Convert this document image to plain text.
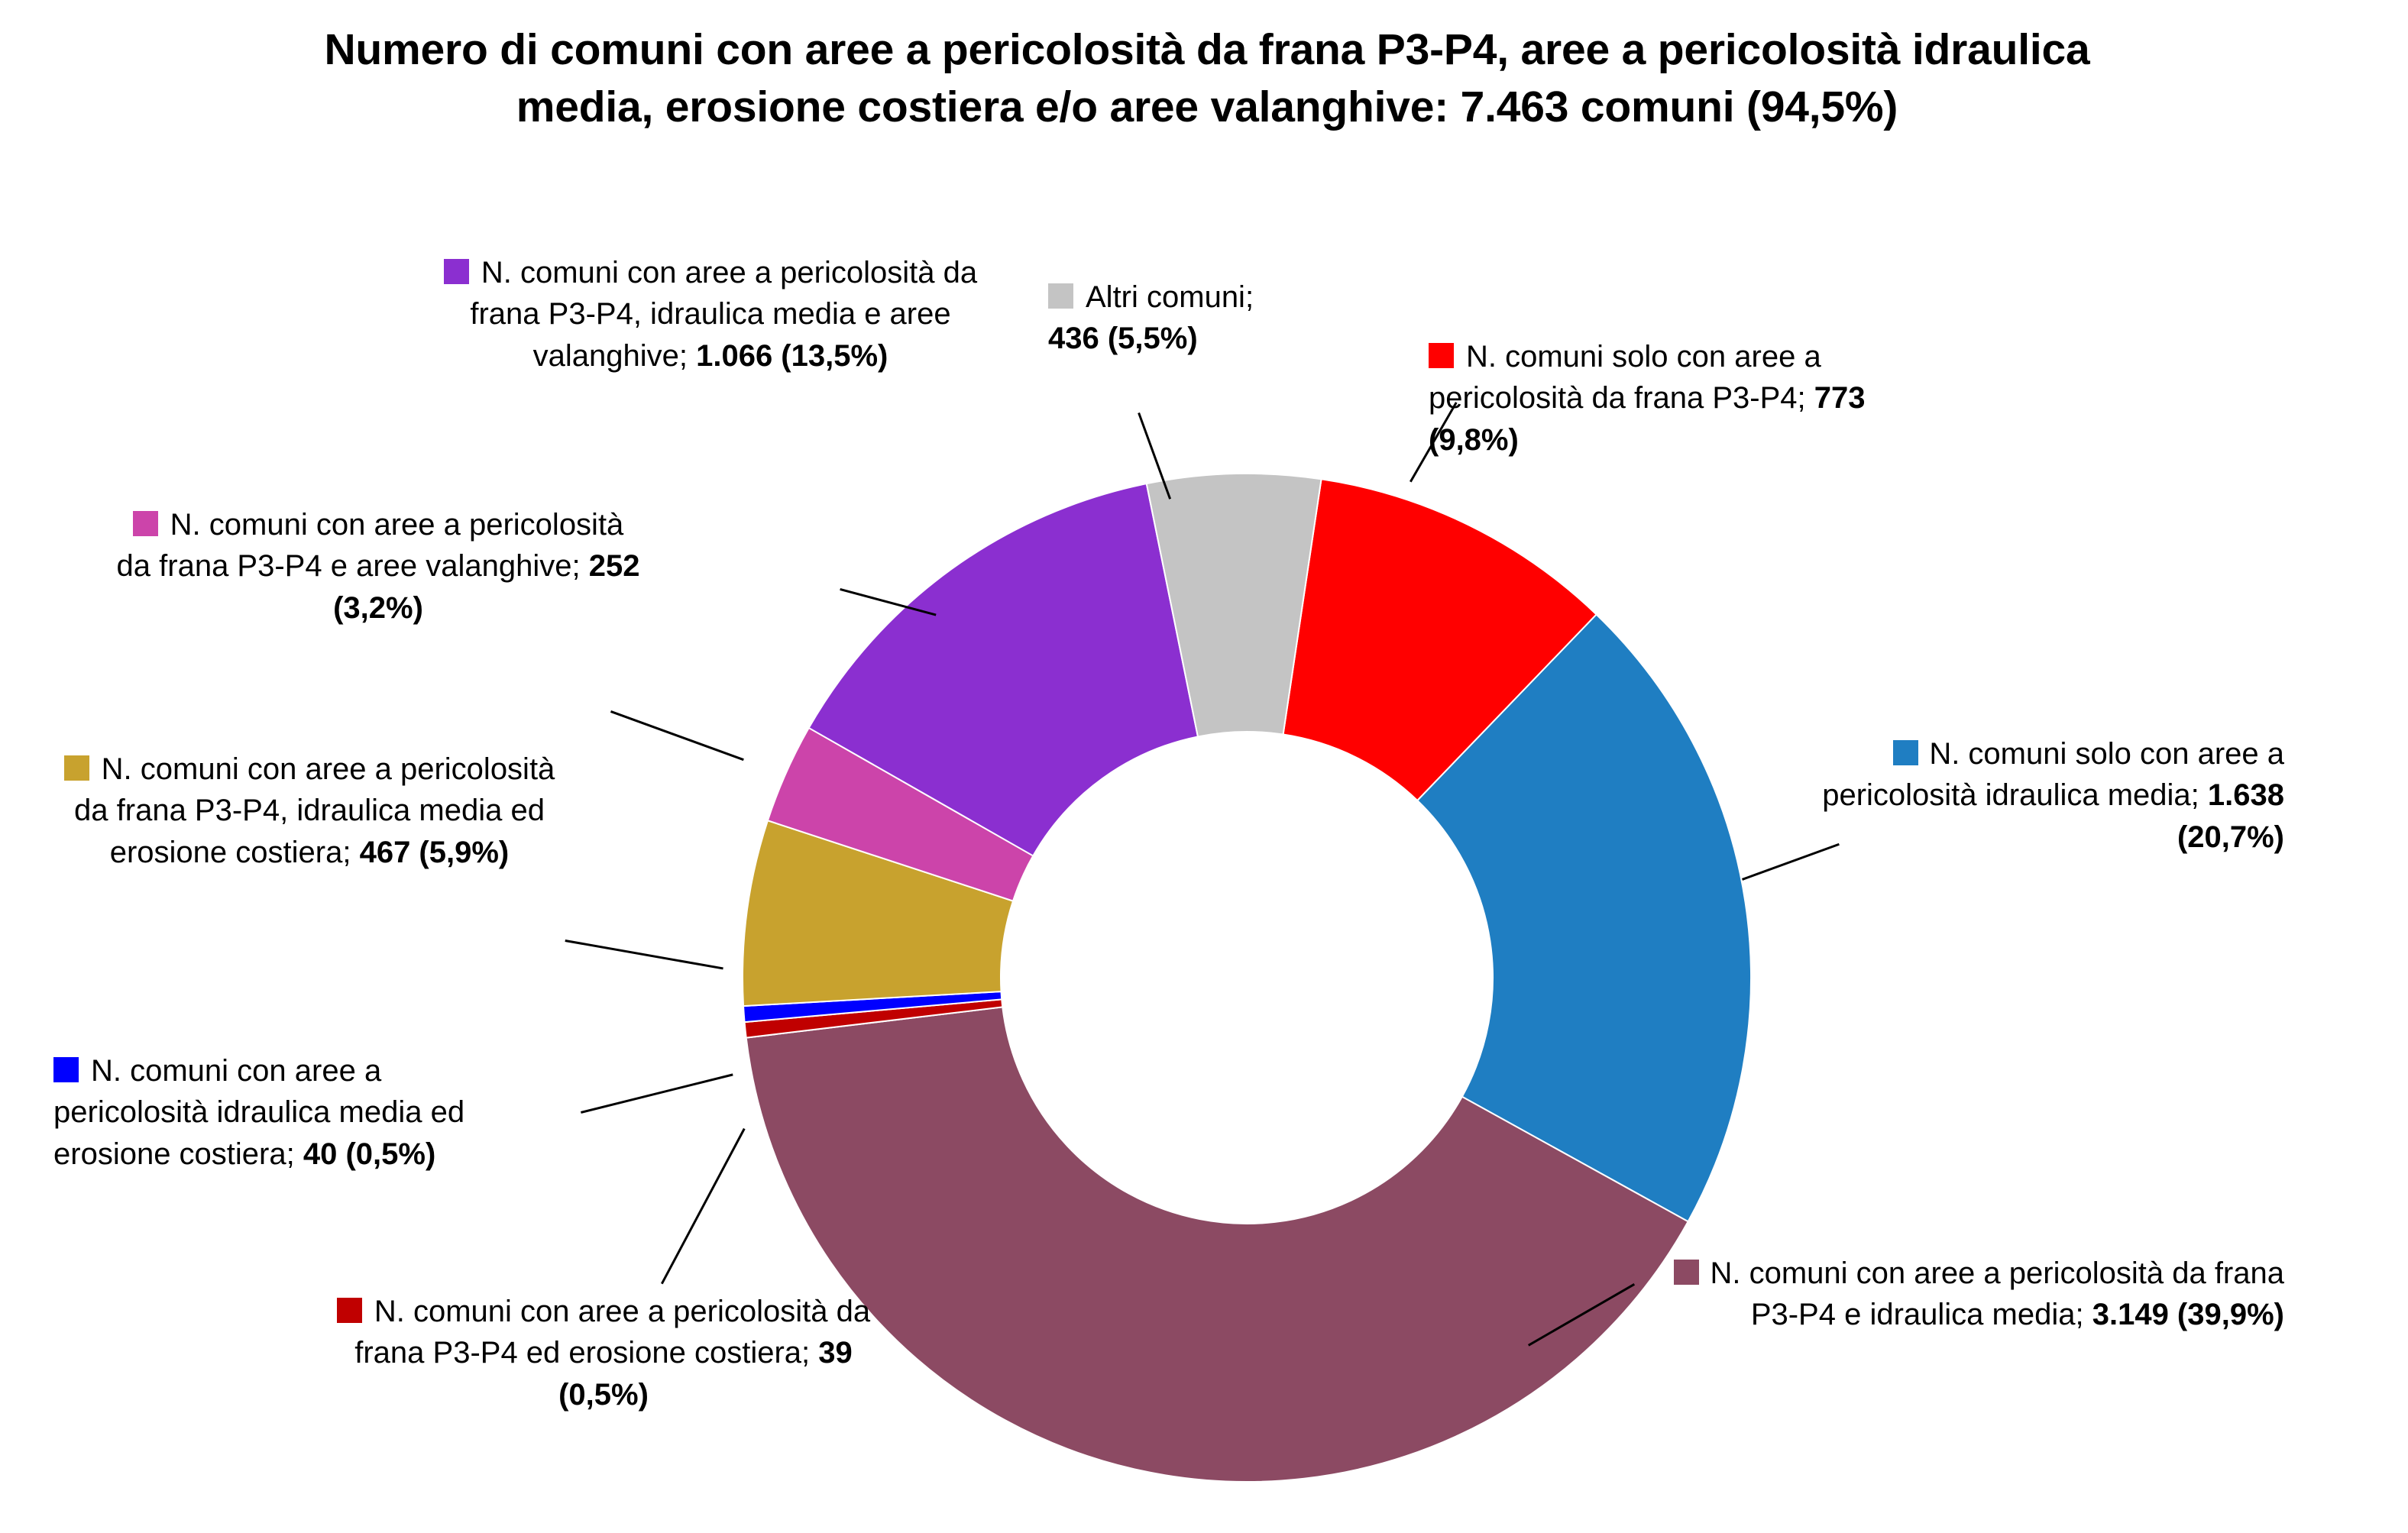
Numero di comuni con aree a pericolosità da frana P3-P4, aree a pericolosità idraulica media, erosione costiera e/o aree valanghive: 7.463 comuni (94,5%)
Altri comuni;
436 (5,5%)
N. comuni solo con aree a pericolosità da frana P3-P4; 773 (9,8%)
N. comuni solo con aree a pericolosità idraulica media; 1.638 (20,7%)
N. comuni con aree a pericolosità da frana P3-P4 e idraulica media; 3.149 (39,9%)
N. comuni con aree a pericolosità da frana P3-P4, idraulica media e aree valanghive; 1.066 (13,5%)
N. comuni con aree a pericolosità da frana P3-P4 e aree valanghive; 252 (3,2%)
N. comuni con aree a pericolosità da frana P3-P4, idraulica media ed erosione costiera; 467 (5,9%)
N. comuni con aree a pericolosità idraulica media ed erosione costiera; 40 (0,5%)
N. comuni con aree a pericolosità da frana P3-P4 ed erosione costiera; 39 (0,5%)
